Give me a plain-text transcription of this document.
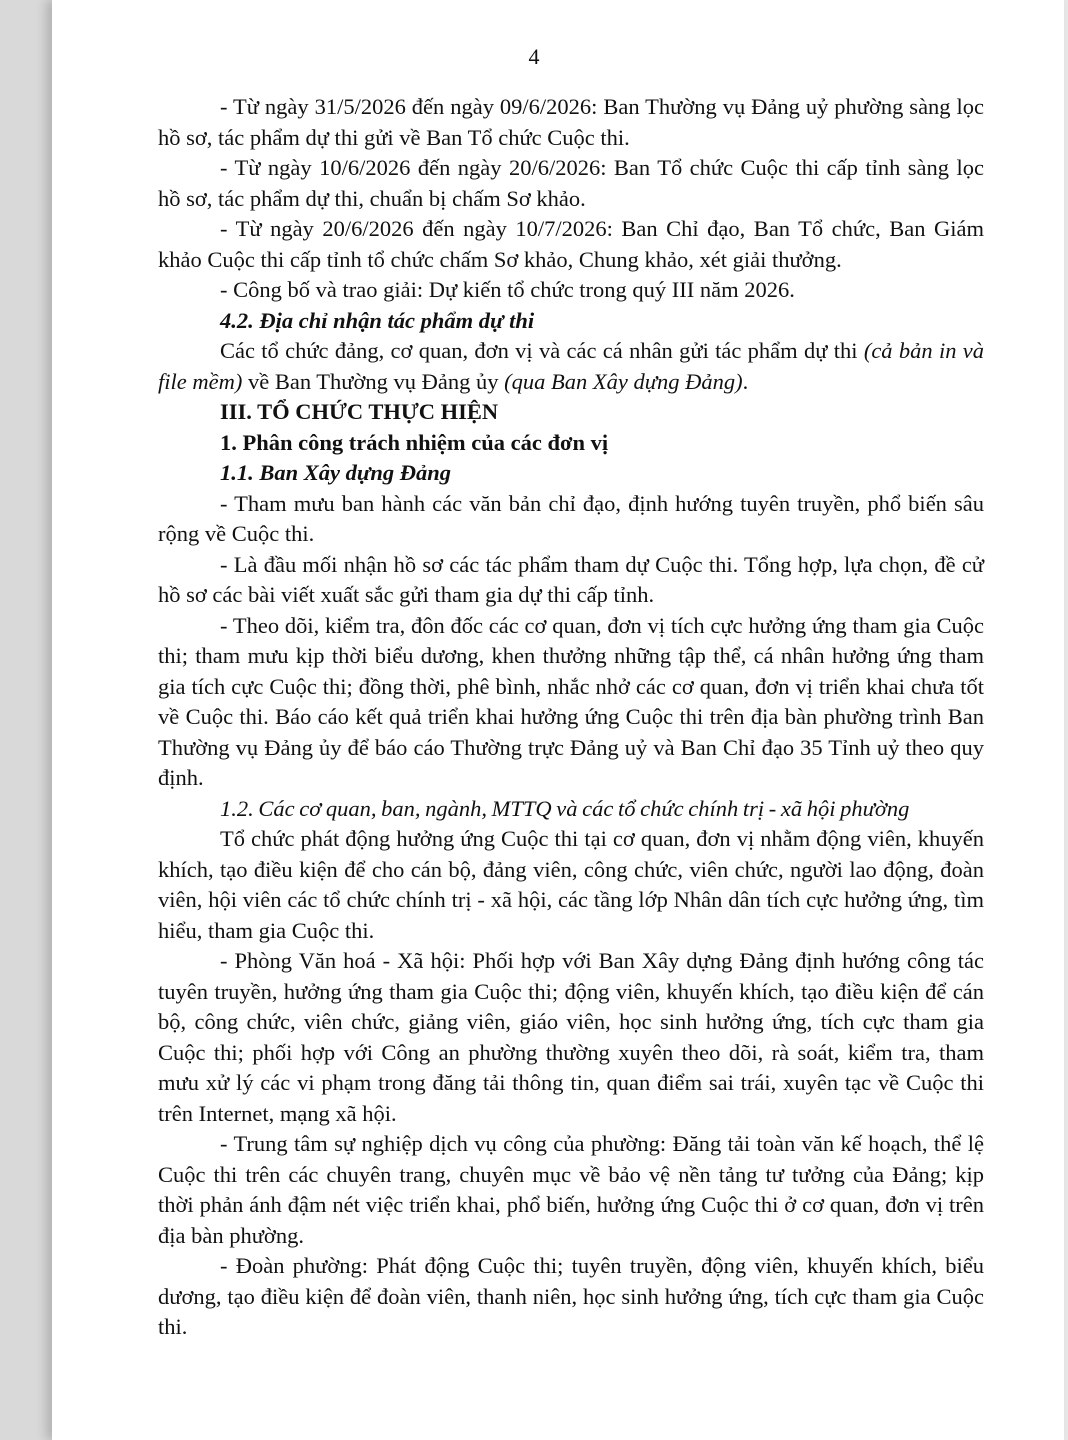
4

- Từ ngày 31/5/2026 đến ngày 09/6/2026: Ban Thường vụ Đảng uỷ phường sàng lọc hồ sơ, tác phẩm dự thi gửi về Ban Tổ chức Cuộc thi.

- Từ ngày 10/6/2026 đến ngày 20/6/2026: Ban Tổ chức Cuộc thi cấp tỉnh sàng lọc hồ sơ, tác phẩm dự thi, chuẩn bị chấm Sơ khảo.

- Từ ngày 20/6/2026 đến ngày 10/7/2026: Ban Chỉ đạo, Ban Tổ chức, Ban Giám khảo Cuộc thi cấp tỉnh tổ chức chấm Sơ khảo, Chung khảo, xét giải thưởng.

- Công bố và trao giải: Dự kiến tổ chức trong quý III năm 2026.

4.2. Địa chỉ nhận tác phẩm dự thi

Các tổ chức đảng, cơ quan, đơn vị và các cá nhân gửi tác phẩm dự thi (cả bản in và file mềm) về Ban Thường vụ Đảng ủy (qua Ban Xây dựng Đảng).

III. TỔ CHỨC THỰC HIỆN

1. Phân công trách nhiệm của các đơn vị

1.1. Ban Xây dựng Đảng

- Tham mưu ban hành các văn bản chỉ đạo, định hướng tuyên truyền, phổ biến sâu rộng về Cuộc thi.

- Là đầu mối nhận hồ sơ các tác phẩm tham dự Cuộc thi. Tổng hợp, lựa chọn, đề cử hồ sơ các bài viết xuất sắc gửi tham gia dự thi cấp tỉnh.

- Theo dõi, kiểm tra, đôn đốc các cơ quan, đơn vị tích cực hưởng ứng tham gia Cuộc thi; tham mưu kịp thời biểu dương, khen thưởng những tập thể, cá nhân hưởng ứng tham gia tích cực Cuộc thi; đồng thời, phê bình, nhắc nhở các cơ quan, đơn vị triển khai chưa tốt về Cuộc thi. Báo cáo kết quả triển khai hưởng ứng Cuộc thi trên địa bàn phường trình Ban Thường vụ Đảng ủy để báo cáo Thường trực Đảng uỷ và Ban Chỉ đạo 35 Tỉnh uỷ theo quy định.

1.2. Các cơ quan, ban, ngành, MTTQ và các tổ chức chính trị - xã hội phường

Tổ chức phát động hưởng ứng Cuộc thi tại cơ quan, đơn vị nhằm động viên, khuyến khích, tạo điều kiện để cho cán bộ, đảng viên, công chức, viên chức, người lao động, đoàn viên, hội viên các tổ chức chính trị - xã hội, các tầng lớp Nhân dân tích cực hưởng ứng, tìm hiểu, tham gia Cuộc thi.

- Phòng Văn hoá - Xã hội: Phối hợp với Ban Xây dựng Đảng định hướng công tác tuyên truyền, hưởng ứng tham gia Cuộc thi; động viên, khuyến khích, tạo điều kiện để cán bộ, công chức, viên chức, giảng viên, giáo viên, học sinh hưởng ứng, tích cực tham gia Cuộc thi; phối hợp với Công an phường thường xuyên theo dõi, rà soát, kiểm tra, tham mưu xử lý các vi phạm trong đăng tải thông tin, quan điểm sai trái, xuyên tạc về Cuộc thi trên Internet, mạng xã hội.

- Trung tâm sự nghiệp dịch vụ công của phường: Đăng tải toàn văn kế hoạch, thể lệ Cuộc thi trên các chuyên trang, chuyên mục về bảo vệ nền tảng tư tưởng của Đảng; kịp thời phản ánh đậm nét việc triển khai, phổ biến, hưởng ứng Cuộc thi ở cơ quan, đơn vị trên địa bàn phường.

- Đoàn phường: Phát động Cuộc thi; tuyên truyền, động viên, khuyến khích, biểu dương, tạo điều kiện để đoàn viên, thanh niên, học sinh hưởng ứng, tích cực tham gia Cuộc thi.
